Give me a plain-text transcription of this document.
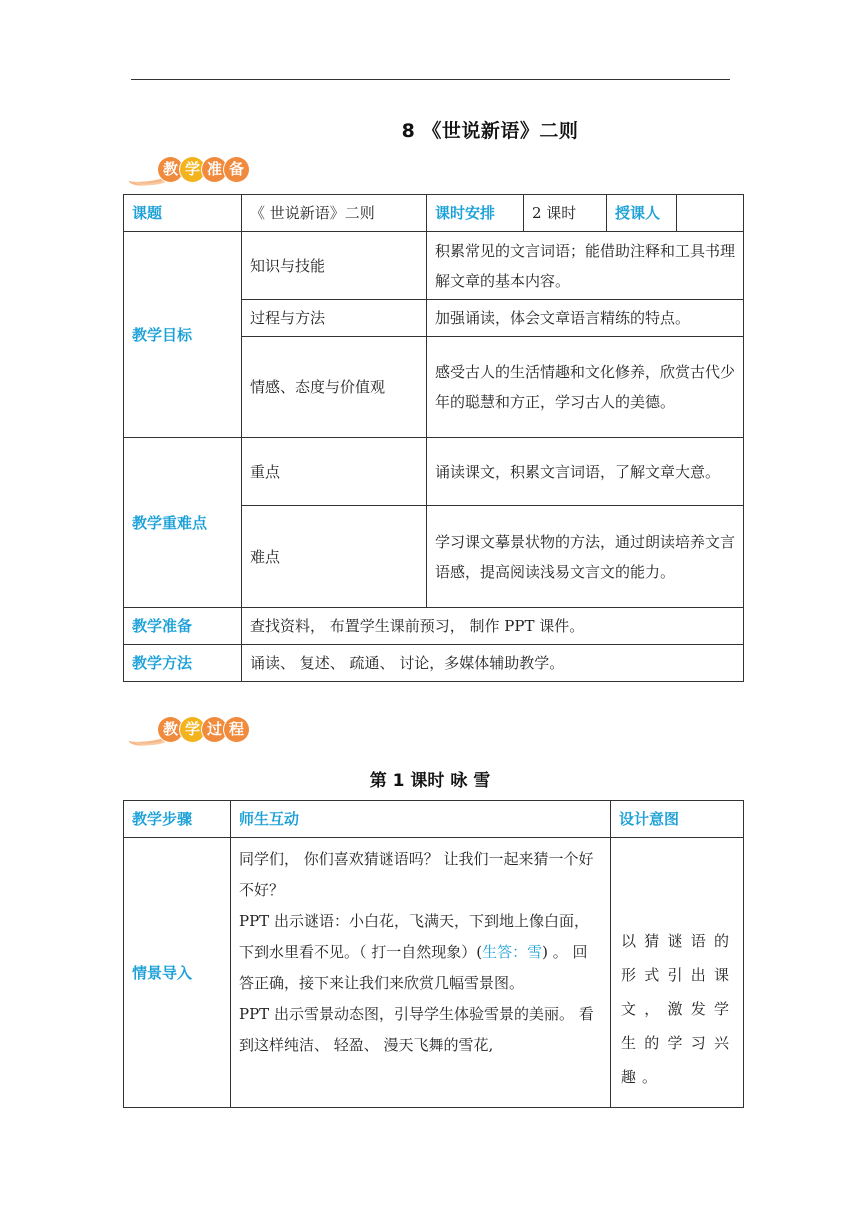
8 《世说新语》二则
教 学 准 备
课题	《 世说新语》二则	课时安排	2 课时	授课人	
教学目标	知识与技能	积累常见的文言词语；能借助注释和工具书理解文章的基本内容。			
	过程与方法	加强诵读，体会文章语言精练的特点。			
	情感、态度与价值观	感受古人的生活情趣和文化修养，欣赏古代少年的聪慧和方正，学习古人的美德。			
教学重难点	重点	诵读课文，积累文言词语，了解文章大意。			
	难点	学习课文摹景状物的方法，通过朗读培养文言语感，提高阅读浅易文言文的能力。			
教学准备	查找资料， 布置学生课前预习， 制作 PPT 课件。				
教学方法	诵读、 复述、 疏通、 讨论，多媒体辅助教学。				
教 学 过 程
第 1 课时 咏 雪
教学步骤	师生互动	设计意图
情景导入	同学们， 你们喜欢猜谜语吗？ 让我们一起来猜一个好不好？
PPT 出示谜语：小白花，飞满天，下到地上像白面，下到水里看不见。（ 打一自然现象）(生答：雪) 。 回答正确，接下来让我们来欣赏几幅雪景图。
PPT 出示雪景动态图，引导学生体验雪景的美丽。 看到这样纯洁、 轻盈、 漫天飞舞的雪花,	以猜谜语的形式引出课文，激发学生的学习兴趣。
